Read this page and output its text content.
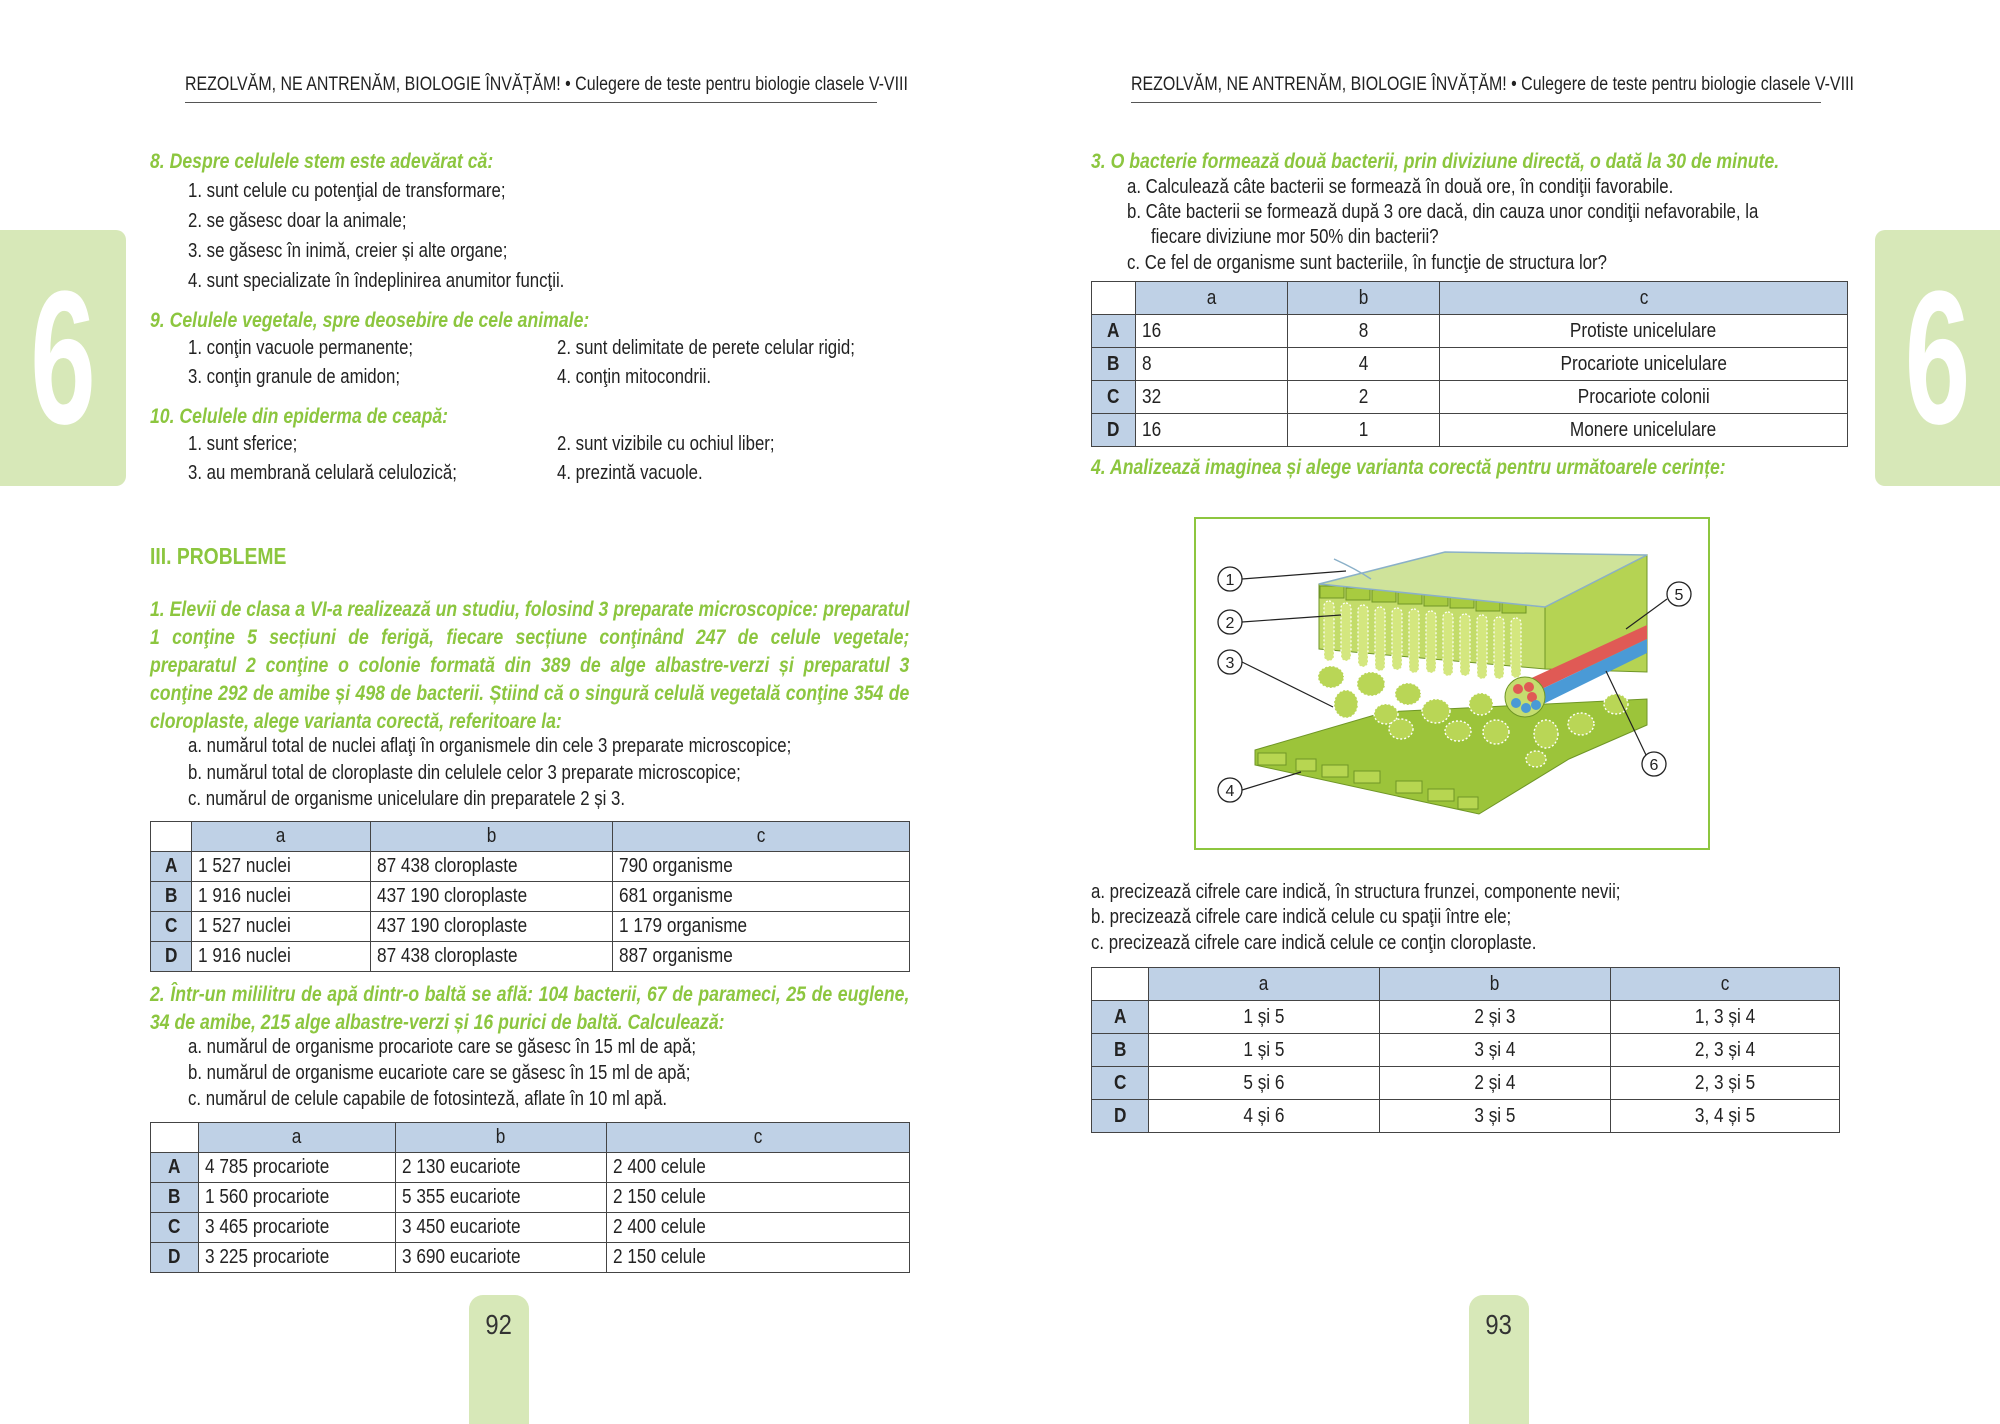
REZOLVĂM, NE ANTRENĂM, BIOLOGIE ÎNVĂȚĂM! • Culegere de teste pentru biologie clasele V-VIII	REZOLVĂM, NE ANTRENĂM, BIOLOGIE ÎNVĂȚĂM! • Culegere de teste pentru biologie clasele V-VIII
6	6
8. Despre celulele stem este adevărat că:
1. sunt celule cu potenţial de transformare;
2. se găsesc doar la animale;
3. se găsesc în inimă, creier și alte organe;
4. sunt specializate în îndeplinirea anumitor funcţii.
9. Celulele vegetale, spre deosebire de cele animale:
1. conţin vacuole permanente;	2. sunt delimitate de perete celular rigid;
3. conţin granule de amidon;	4. conţin mitocondrii.
10. Celulele din epiderma de ceapă:
1. sunt sferice;	2. sunt vizibile cu ochiul liber;
3. au membrană celulară celulozică;	4. prezintă vacuole.
III. PROBLEME
1. Elevii de clasa a VI-a realizează un studiu, folosind 3 preparate microscopice: preparatul 1 conţine 5 secțiuni de ferigă, fiecare secțiune conţinând 247 de celule vegetale; preparatul 2 conţine o colonie formată din 389 de alge albastre-verzi și preparatul 3 conţine 292 de amibe și 498 de bacterii. Știind că o singură celulă vegetală conţine 354 de cloroplaste, alege varianta corectă, referitoare la:
a. numărul total de nuclei aflaţi în organismele din cele 3 preparate microscopice;
b. numărul total de cloroplaste din celulele celor 3 preparate microscopice;
c. numărul de organisme unicelulare din preparatele 2 și 3.
	a	b	c
A	1 527 nuclei	87 438 cloroplaste	790 organisme
B	1 916 nuclei	437 190 cloroplaste	681 organisme
C	1 527 nuclei	437 190 cloroplaste	1 179 organisme
D	1 916 nuclei	87 438 cloroplaste	887 organisme
2. Într-un mililitru de apă dintr-o baltă se află: 104 bacterii, 67 de parameci, 25 de euglene, 34 de amibe, 215 alge albastre-verzi și 16 purici de baltă. Calculează:
a. numărul de organisme procariote care se găsesc în 15 ml de apă;
b. numărul de organisme eucariote care se găsesc în 15 ml de apă;
c. numărul de celule capabile de fotosinteză, aflate în 10 ml apă.
	a	b	c
A	4 785 procariote	2 130 eucariote	2 400 celule
B	1 560 procariote	5 355 eucariote	2 150 celule
C	3 465 procariote	3 450 eucariote	2 400 celule
D	3 225 procariote	3 690 eucariote	2 150 celule
92
3. O bacterie formează două bacterii, prin diviziune directă, o dată la 30 de minute.
a. Calculează câte bacterii se formează în două ore, în condiţii favorabile.
b. Câte bacterii se formează după 3 ore dacă, din cauza unor condiţii nefavorabile, la
fiecare diviziune mor 50% din bacterii?
c. Ce fel de organisme sunt bacteriile, în funcţie de structura lor?
	a	b	c
A	16	8	Protiste unicelulare
B	8	4	Procariote unicelulare
C	32	2	Procariote colonii
D	16	1	Monere unicelulare
4. Analizează imaginea și alege varianta corectă pentru următoarele cerințe:
1
2
3
4
5
6
a. precizează cifrele care indică, în structura frunzei, componente nevii;
b. precizează cifrele care indică celule cu spaţii între ele;
c. precizează cifrele care indică celule ce conţin cloroplaste.
	a	b	c
A	1 și 5	2 și 3	1, 3 și 4
B	1 și 5	3 și 4	2, 3 și 4
C	5 și 6	2 și 4	2, 3 și 5
D	4 și 6	3 și 5	3, 4 și 5
93
